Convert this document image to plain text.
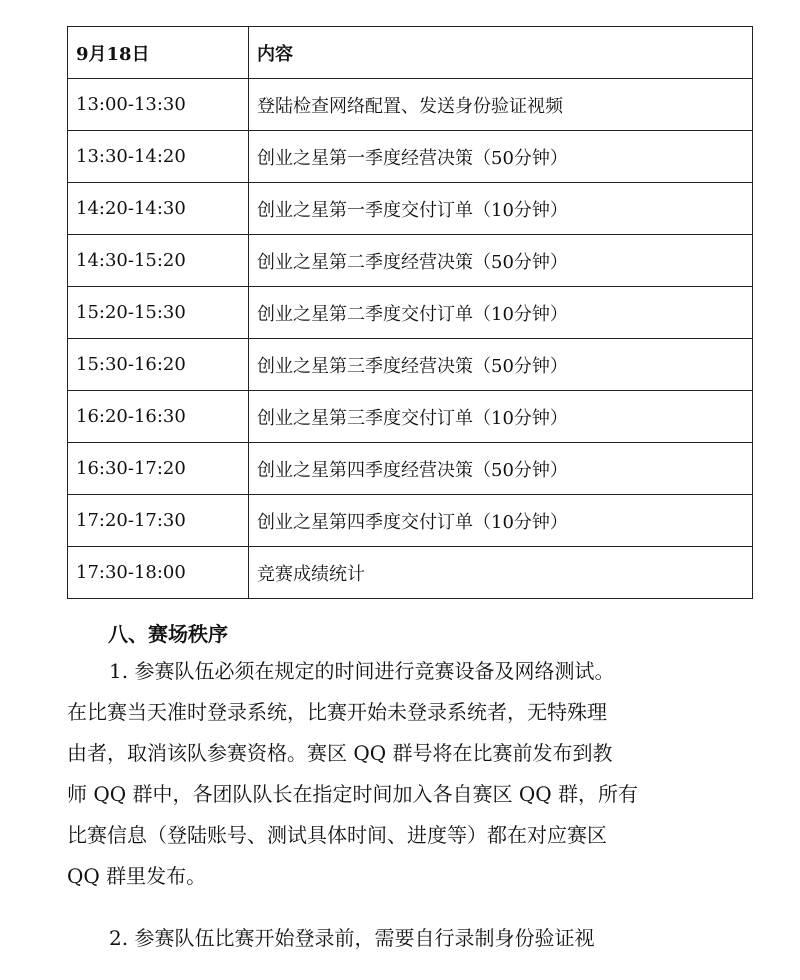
9月18日	内容
13:00-13:30	登陆检查网络配置、发送身份验证视频
13:30-14:20	创业之星第一季度经营决策（50分钟）
14:20-14:30	创业之星第一季度交付订单（10分钟）
14:30-15:20	创业之星第二季度经营决策（50分钟）
15:20-15:30	创业之星第二季度交付订单（10分钟）
15:30-16:20	创业之星第三季度经营决策（50分钟）
16:20-16:30	创业之星第三季度交付订单（10分钟）
16:30-17:20	创业之星第四季度经营决策（50分钟）
17:20-17:30	创业之星第四季度交付订单（10分钟）
17:30-18:00	竞赛成绩统计
八、赛场秩序
1. 参赛队伍必须在规定的时间进行竞赛设备及网络测试。
在比赛当天准时登录系统，比赛开始未登录系统者，无特殊理
由者，取消该队参赛资格。赛区 QQ 群号将在比赛前发布到教
师 QQ 群中，各团队队长在指定时间加入各自赛区 QQ 群，所有
比赛信息（登陆账号、测试具体时间、进度等）都在对应赛区
QQ 群里发布。
2. 参赛队伍比赛开始登录前，需要自行录制身份验证视
